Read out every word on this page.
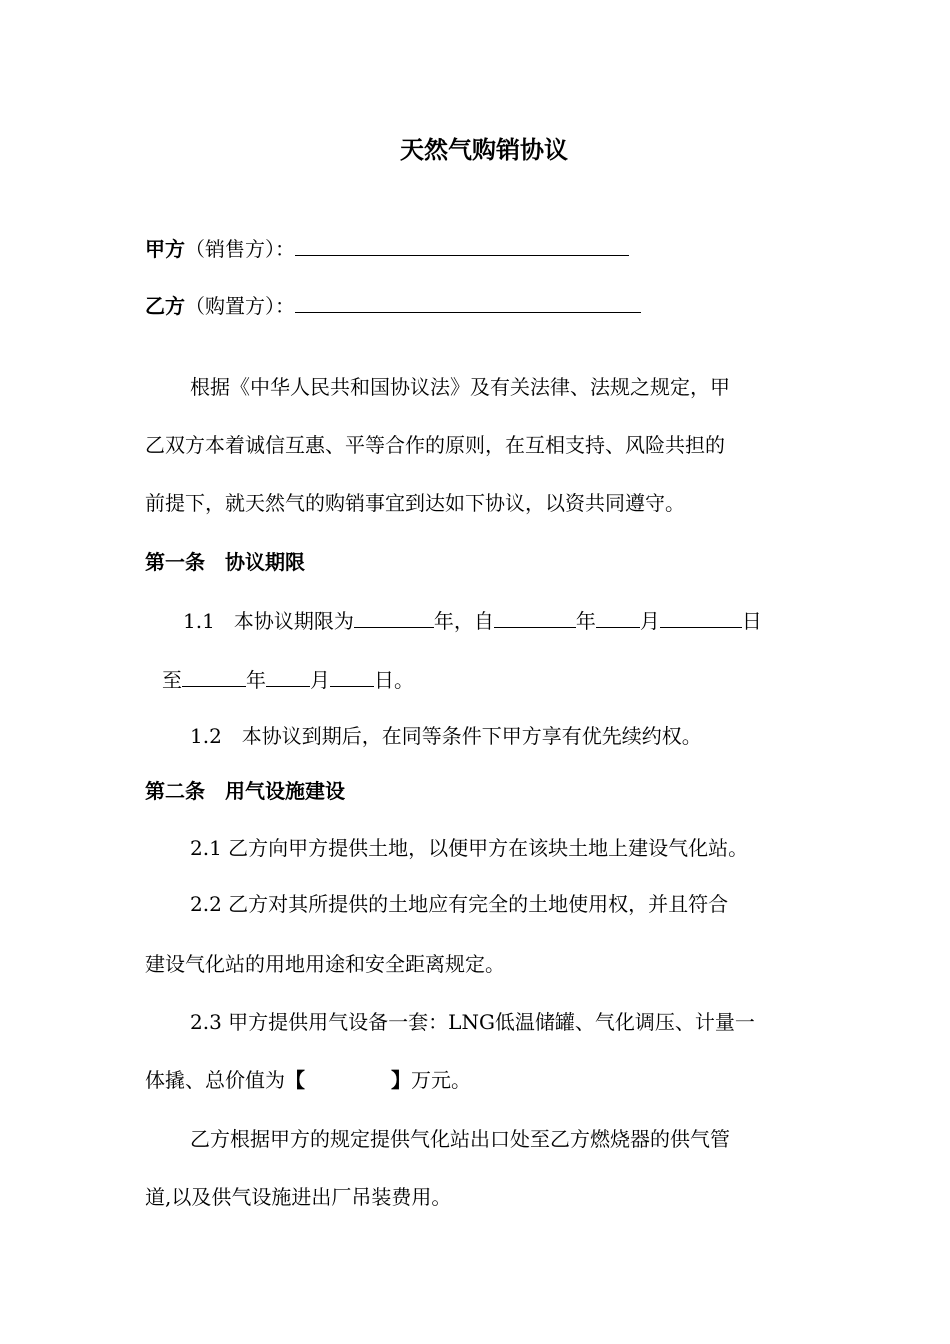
天然气购销协议
甲方（销售方）：
乙方（购置方）：
根据《中华人民共和国协议法》及有关法律、法规之规定，甲
乙双方本着诚信互惠、平等合作的原则，在互相支持、风险共担的
前提下，就天然气的购销事宜到达如下协议，以资共同遵守。
第一条　协议期限
1.1 本协议期限为	年，自	年 月	日
至	年 月 日。
1.2　本协议到期后，在同等条件下甲方享有优先续约权。
第二条　用气设施建设
2.1 乙方向甲方提供土地，以便甲方在该块土地上建设气化站。
2.2 乙方对其所提供的土地应有完全的土地使用权，并且符合
建设气化站的用地用途和安全距离规定。
2.3 甲方提供用气设备一套：LNG低温储罐、气化调压、计量一
体撬、总价值为【	】万元。
乙方根据甲方的规定提供气化站出口处至乙方燃烧器的供气管
道,以及供气设施进出厂吊装费用。
